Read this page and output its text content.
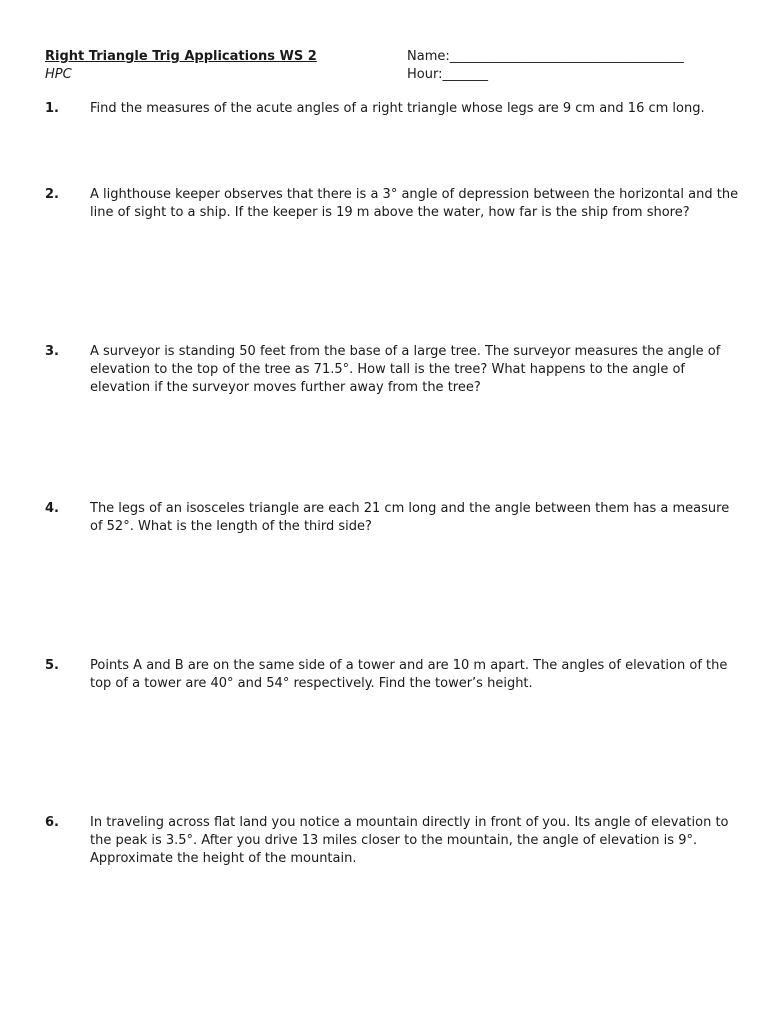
Right Triangle Trig Applications WS 2
HPC
Name:____________________________________
Hour:_______
1. Find the measures of the acute angles of a right triangle whose legs are 9 cm and 16 cm long.
2. A lighthouse keeper observes that there is a 3° angle of depression between the horizontal and the line of sight to a ship. If the keeper is 19 m above the water, how far is the ship from shore?
3. A surveyor is standing 50 feet from the base of a large tree. The surveyor measures the angle of elevation to the top of the tree as 71.5°. How tall is the tree? What happens to the angle of elevation if the surveyor moves further away from the tree?
4. The legs of an isosceles triangle are each 21 cm long and the angle between them has a measure of 52°. What is the length of the third side?
5. Points A and B are on the same side of a tower and are 10 m apart. The angles of elevation of the top of a tower are 40° and 54° respectively. Find the tower’s height.
6. In traveling across flat land you notice a mountain directly in front of you. Its angle of elevation to the peak is 3.5°. After you drive 13 miles closer to the mountain, the angle of elevation is 9°. Approximate the height of the mountain.
